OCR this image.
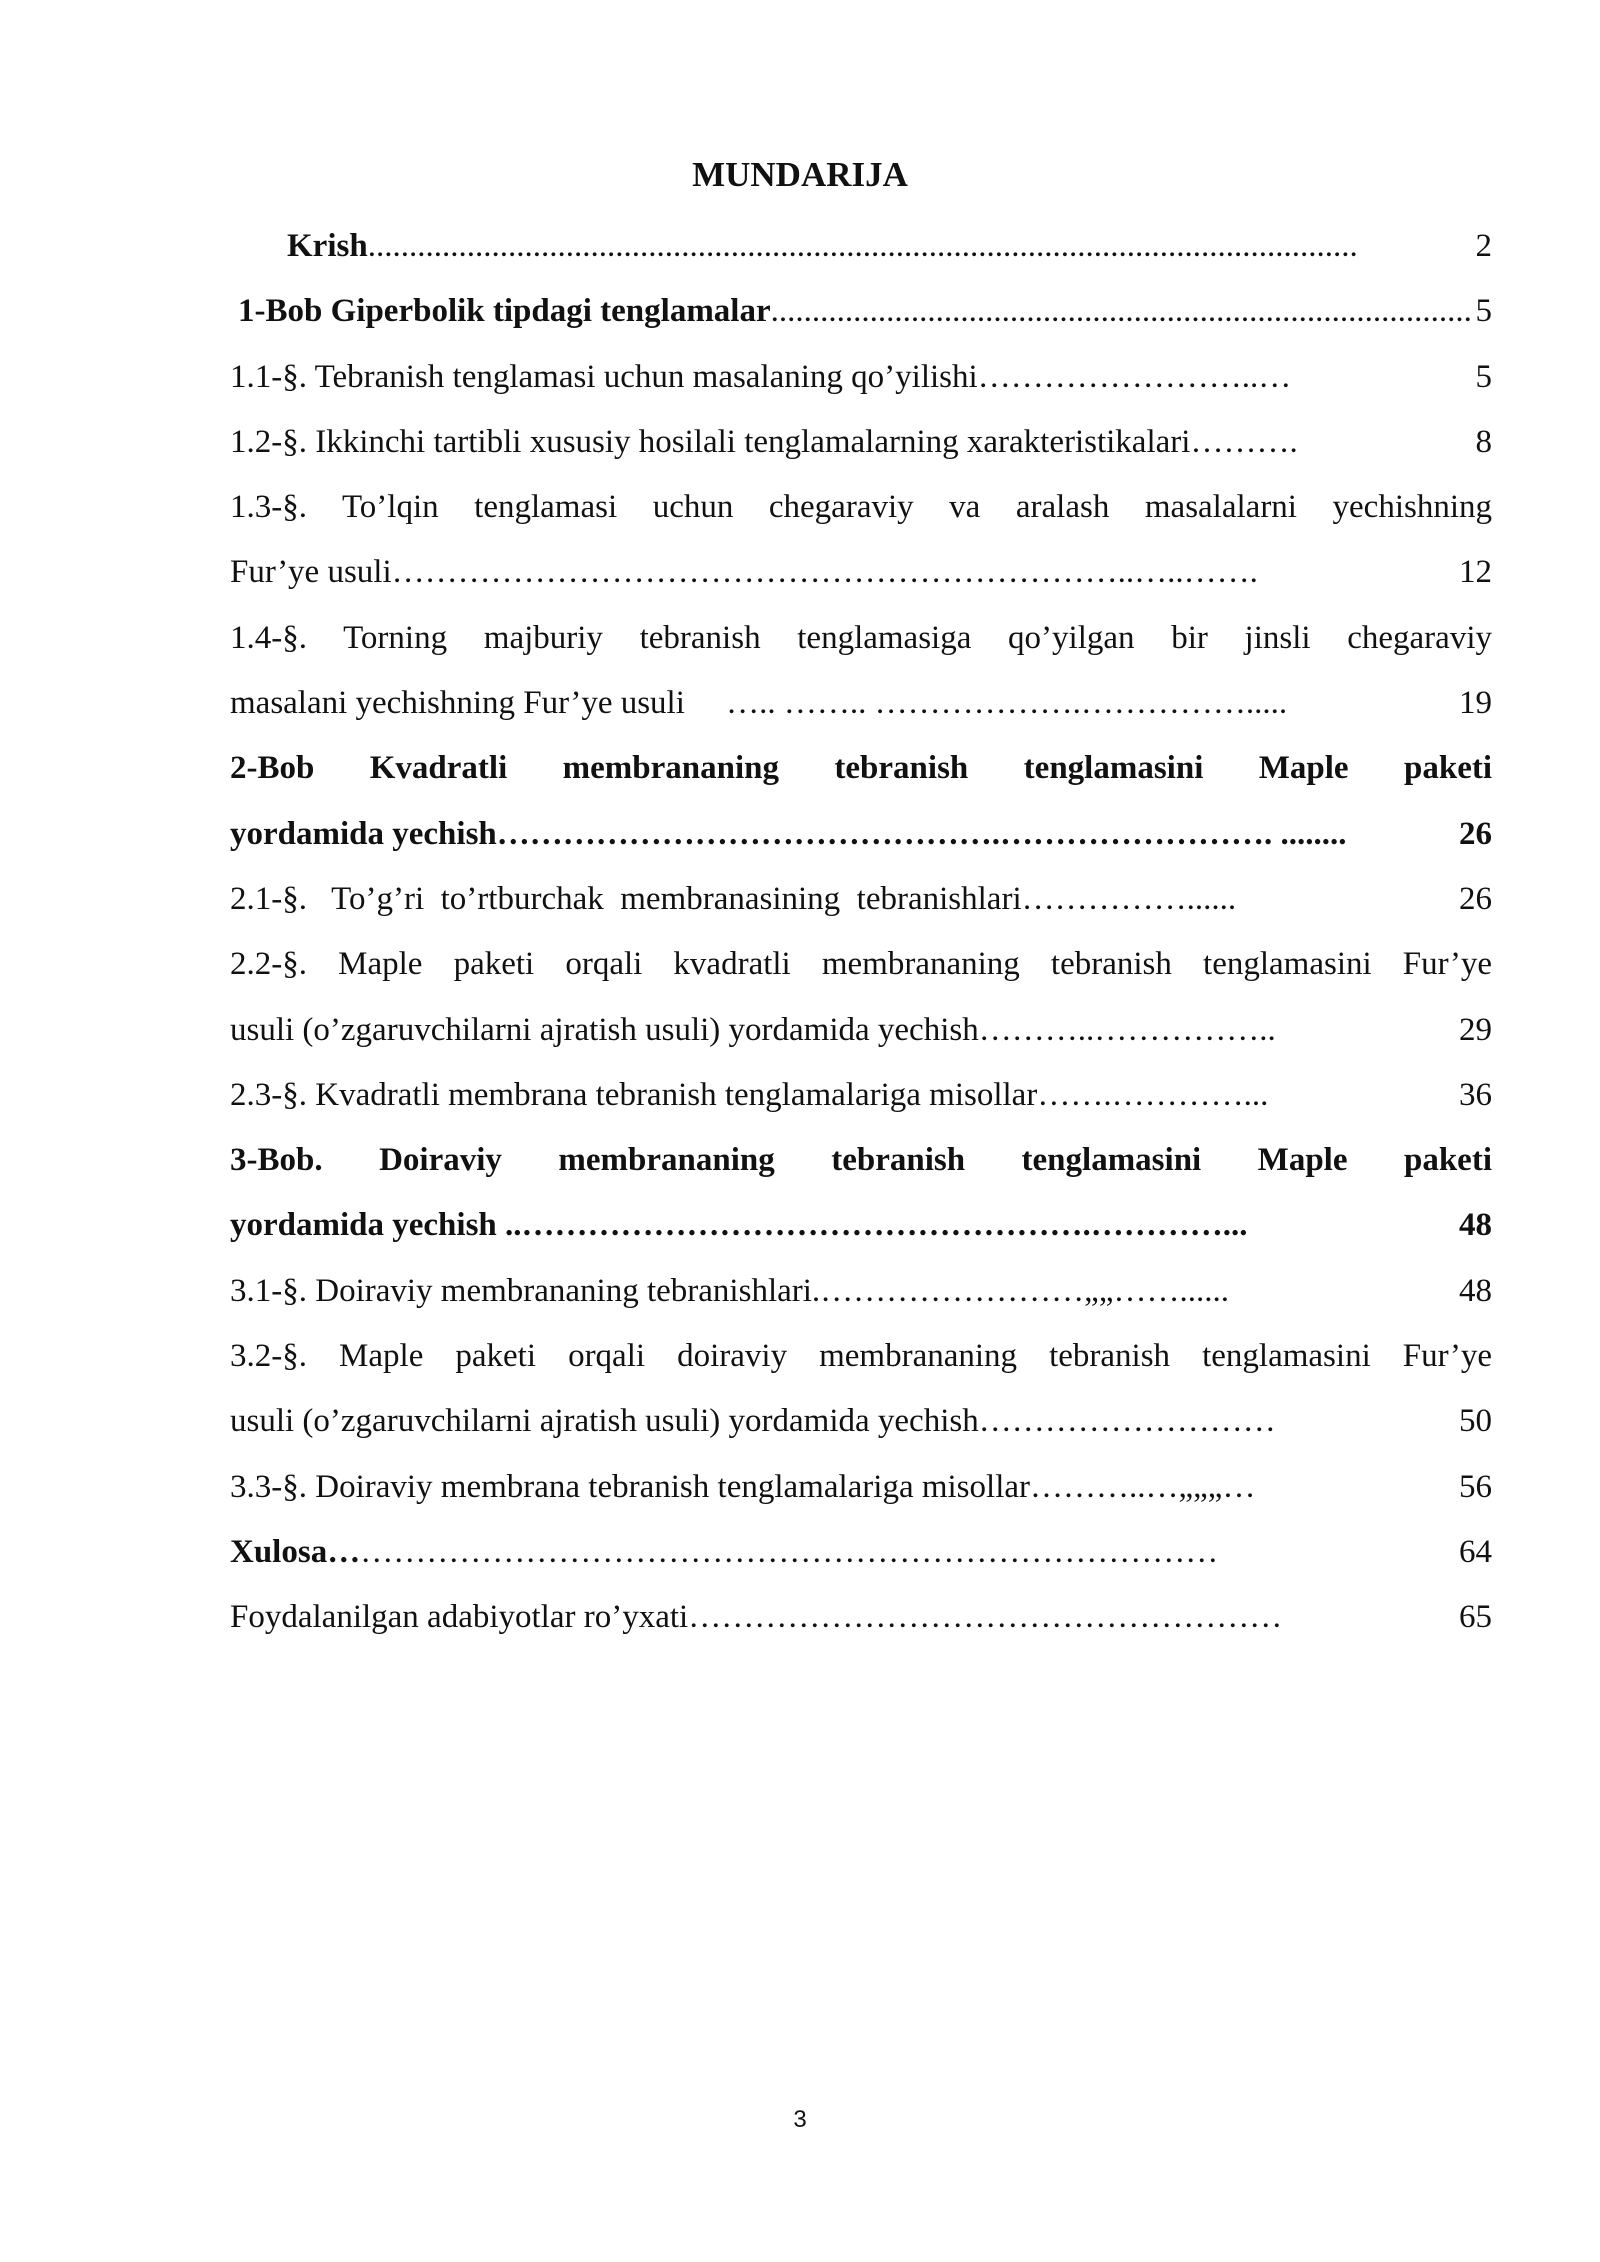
MUNDARIJA
Krish ........................................................................................................................	2
1-Bob Giperbolik tipdagi tenglamalar ..................................................................................... 5
1.1-§. Tebranish tenglamasi uchun masalaning qo’yilishi ……………………..…	5
1.2-§. Ikkinchi tartibli xususiy hosilali tenglamalarning xarakteristikalari ……….	8
1.3-§. To’lqin tenglamasi uchun chegaraviy va aralash masalalarni yechishning
Fur’ye usuli …………………………………………………………..…..…….	12
1.4-§. Torning majburiy tebranish tenglamasiga qo’yilgan bir jinsli chegaraviy
masalani yechishning Fur’ye usuli ….. …….. ……………….…………….....	19
2-Bob Kvadratli membrananing tebranish tenglamasini Maple paketi
yordamida yechish ……………………………………….……………………. ........	26
2.1-§.   To’g’ri  to’rtburchak  membranasining  tebranishlari ……………......	26
2.2-§. Maple paketi orqali kvadratli membrananing tebranish tenglamasini Fur’ye
usuli (o’zgaruvchilarni ajratish usuli) yordamida yechish ………..……………..	29
2.3-§. Kvadratli membrana tebranish tenglamalariga misollar …….…………...	36
3-Bob. Doiraviy membrananing tebranish tenglamasini Maple paketi
yordamida yechish .. …………………………………………….…………...	48
3.1-§. Doiraviy membrananing tebranishlari. ……………………„„……......	48
3.2-§. Maple paketi orqali doiraviy membrananing tebranish tenglamasini Fur’ye
usuli (o’zgaruvchilarni ajratish usuli) yordamida yechish ………………………	50
3.3-§. Doiraviy membrana tebranish tenglamalariga misollar ………..…„„„…	56
Xulosa… ……………………………………………………………………	64
Foydalanilgan adabiyotlar ro’yxati ………………………………………………	65
3
